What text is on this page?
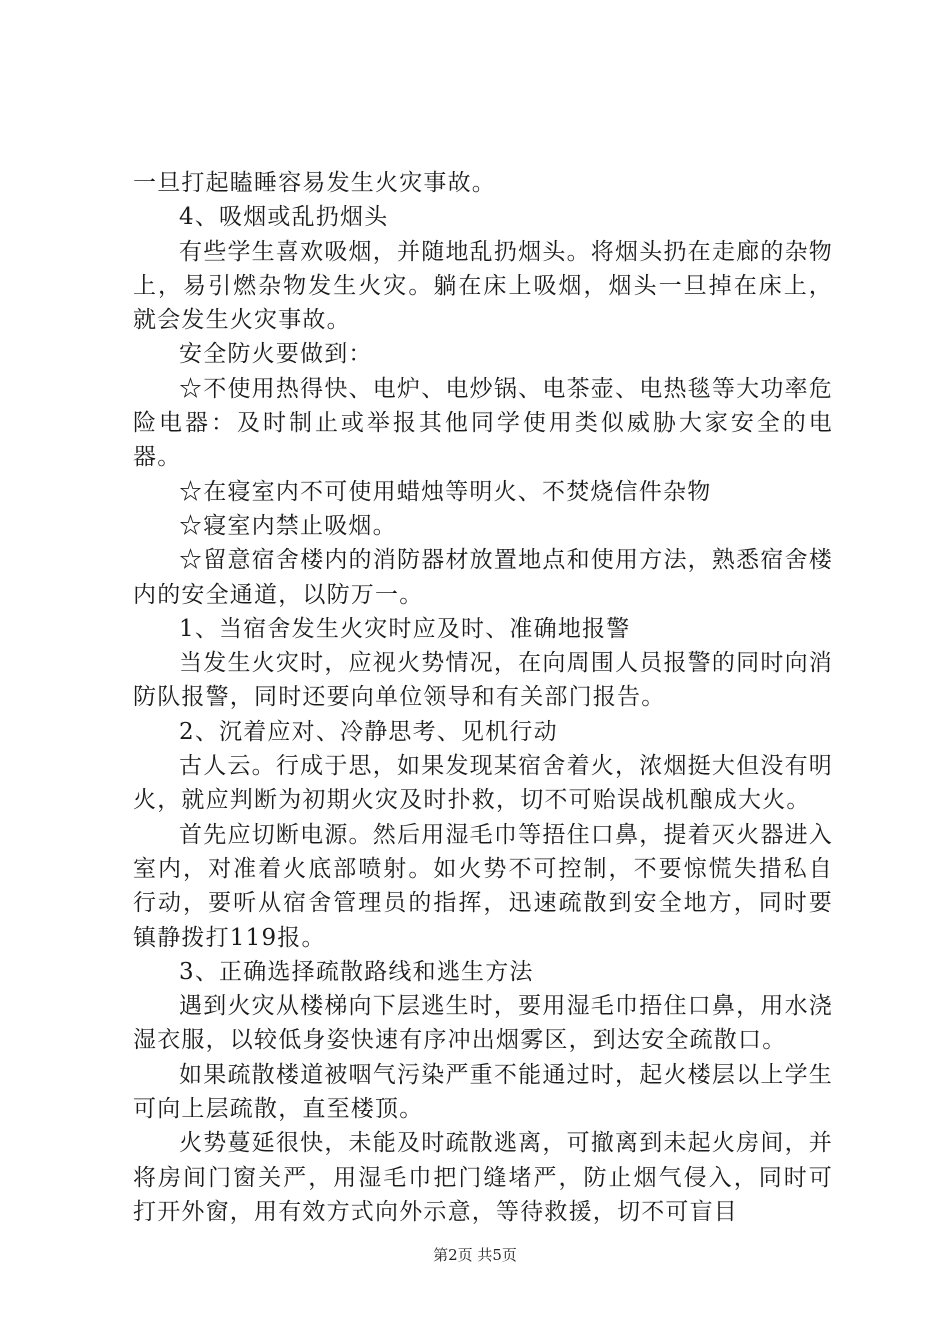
一旦打起瞌睡容易发生火灾事故。

4、吸烟或乱扔烟头

有些学生喜欢吸烟，并随地乱扔烟头。将烟头扔在走廊的杂物上，易引燃杂物发生火灾。躺在床上吸烟，烟头一旦掉在床上，就会发生火灾事故。

安全防火要做到：

☆不使用热得快、电炉、电炒锅、电茶壶、电热毯等大功率危险电器：及时制止或举报其他同学使用类似威胁大家安全的电器。

☆在寝室内不可使用蜡烛等明火、不焚烧信件杂物

☆寝室内禁止吸烟。

☆留意宿舍楼内的消防器材放置地点和使用方法，熟悉宿舍楼内的安全通道，以防万一。

1、当宿舍发生火灾时应及时、准确地报警

当发生火灾时，应视火势情况，在向周围人员报警的同时向消防队报警，同时还要向单位领导和有关部门报告。

2、沉着应对、冷静思考、见机行动

古人云。行成于思，如果发现某宿舍着火，浓烟挺大但没有明火，就应判断为初期火灾及时扑救，切不可贻误战机酿成大火。

首先应切断电源。然后用湿毛巾等捂住口鼻，提着灭火器进入室内，对准着火底部喷射。如火势不可控制，不要惊慌失措私自行动，要听从宿舍管理员的指挥，迅速疏散到安全地方，同时要镇静拨打119报。

3、正确选择疏散路线和逃生方法

遇到火灾从楼梯向下层逃生时，要用湿毛巾捂住口鼻，用水浇湿衣服，以较低身姿快速有序冲出烟雾区，到达安全疏散口。

如果疏散楼道被咽气污染严重不能通过时，起火楼层以上学生可向上层疏散，直至楼顶。

火势蔓延很快，未能及时疏散逃离，可撤离到未起火房间，并将房间门窗关严，用湿毛巾把门缝堵严，防止烟气侵入，同时可打开外窗，用有效方式向外示意，等待救援，切不可盲目

第2页 共5页
